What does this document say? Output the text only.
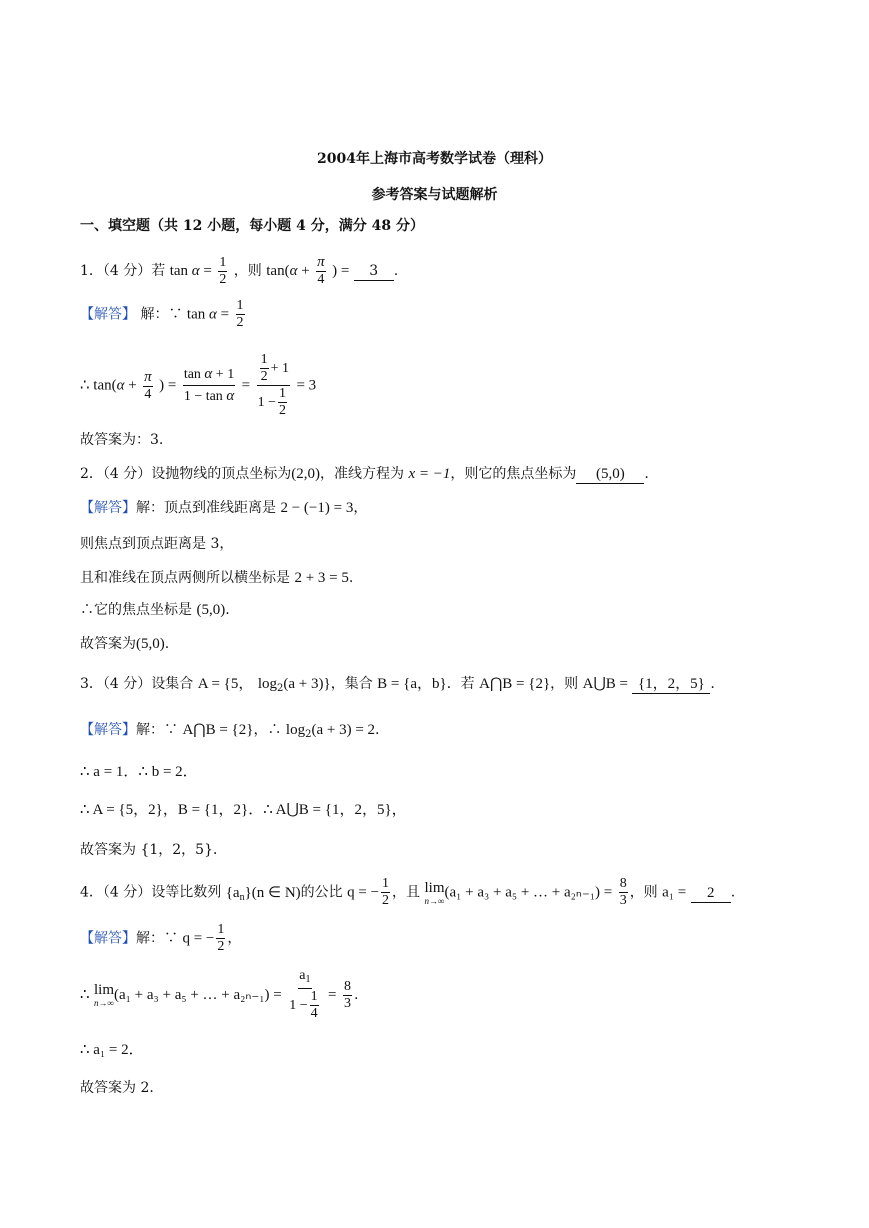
2004年上海市高考数学试卷（理科）
参考答案与试题解析
一、填空题（共 12 小题，每小题 4 分，满分 48 分）
1．（4 分）若 $\tan \alpha = \frac{1}{2}$ ，则 $\tan(\alpha + \frac{\pi}{4}$ ) = 3 .
【解答】 解：∵ $\tan \alpha = \frac{1}{2}$
∴ $\tan(\alpha + \frac{\pi}{4}$ ) = $\frac{\text{tan α + 1}}{\text{1 − tan α}} = \frac{\frac{1}{2} + 1}{1 - \frac{1}{2}} = 3$
故答案为：3.
2．（4 分）设抛物线的顶点坐标为(2,0)，准线方程为 x = −1，则它的焦点坐标为 (5,0) .
【解答】解：顶点到准线距离是 2 − (−1) = 3，
则焦点到顶点距离是 3，
且和准线在顶点两侧所以横坐标是 2 + 3 = 5.
∴它的焦点坐标是 (5,0).
故答案为(5,0).
3．（4 分）设集合 A = {5， $\log_2(a + 3)$}，集合 B = {a，b}．若 A⋂B = {2}，则 A⋃B = {1，2，5} .
【解答】解：∵ A⋂B = {2}，∴ $\log_2(a + 3) = 2$.
∴ a = 1．∴ b = 2．
∴ A = {5，2}，B = {1，2}．∴ A⋃B = {1，2，5}，
故答案为 {1，2，5}．
4．（4 分）设等比数列 $\{a_n\}(n$ ∈ N)的公比 q = − $\frac{1}{2}$ ，且 lim
n→∞ (a₁ + a₃ + a₅ + … + $a_{2n-1}) = \frac{8}{3}$ ，则 a₁ = 2 .
【解答】解：∵ q = − $\frac{1}{2}$ ，
∴ lim
n→∞ (a₁ + a₃ + a₅ + … + $a_{2n-1}) = \frac{a_1}{1 - \frac{1}{4}} = \frac{8}{3}$ .
∴ a₁ = 2．
故答案为 2.
